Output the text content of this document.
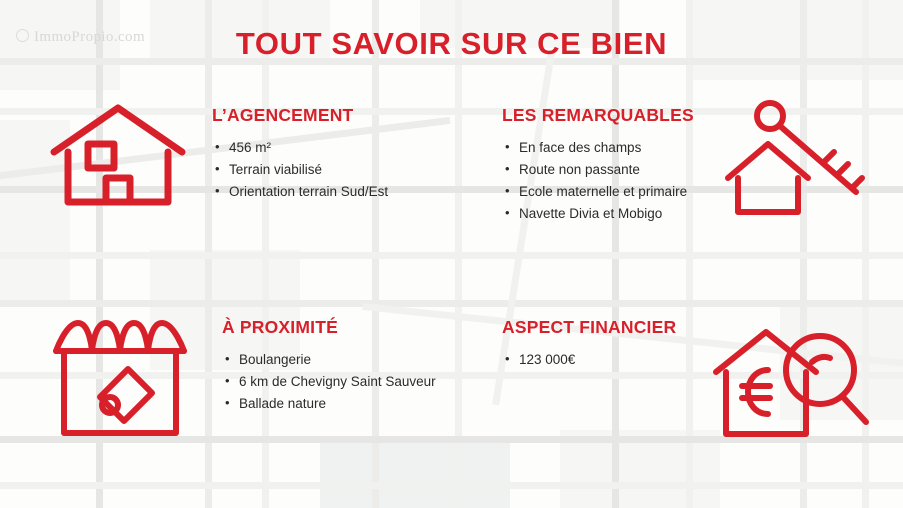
ImmoPropio.com	TOUT SAVOIR SUR CE BIEN
L’AGENCEMENT
• 456 m²
• Terrain viabilisé
• Orientation terrain Sud/Est
LES REMARQUABLES
• En face des champs
• Route non passante
• Ecole maternelle et primaire
• Navette Divia et Mobigo
À PROXIMITÉ
• Boulangerie
• 6 km de Chevigny Saint Sauveur
• Ballade nature
ASPECT FINANCIER
• 123 000€
